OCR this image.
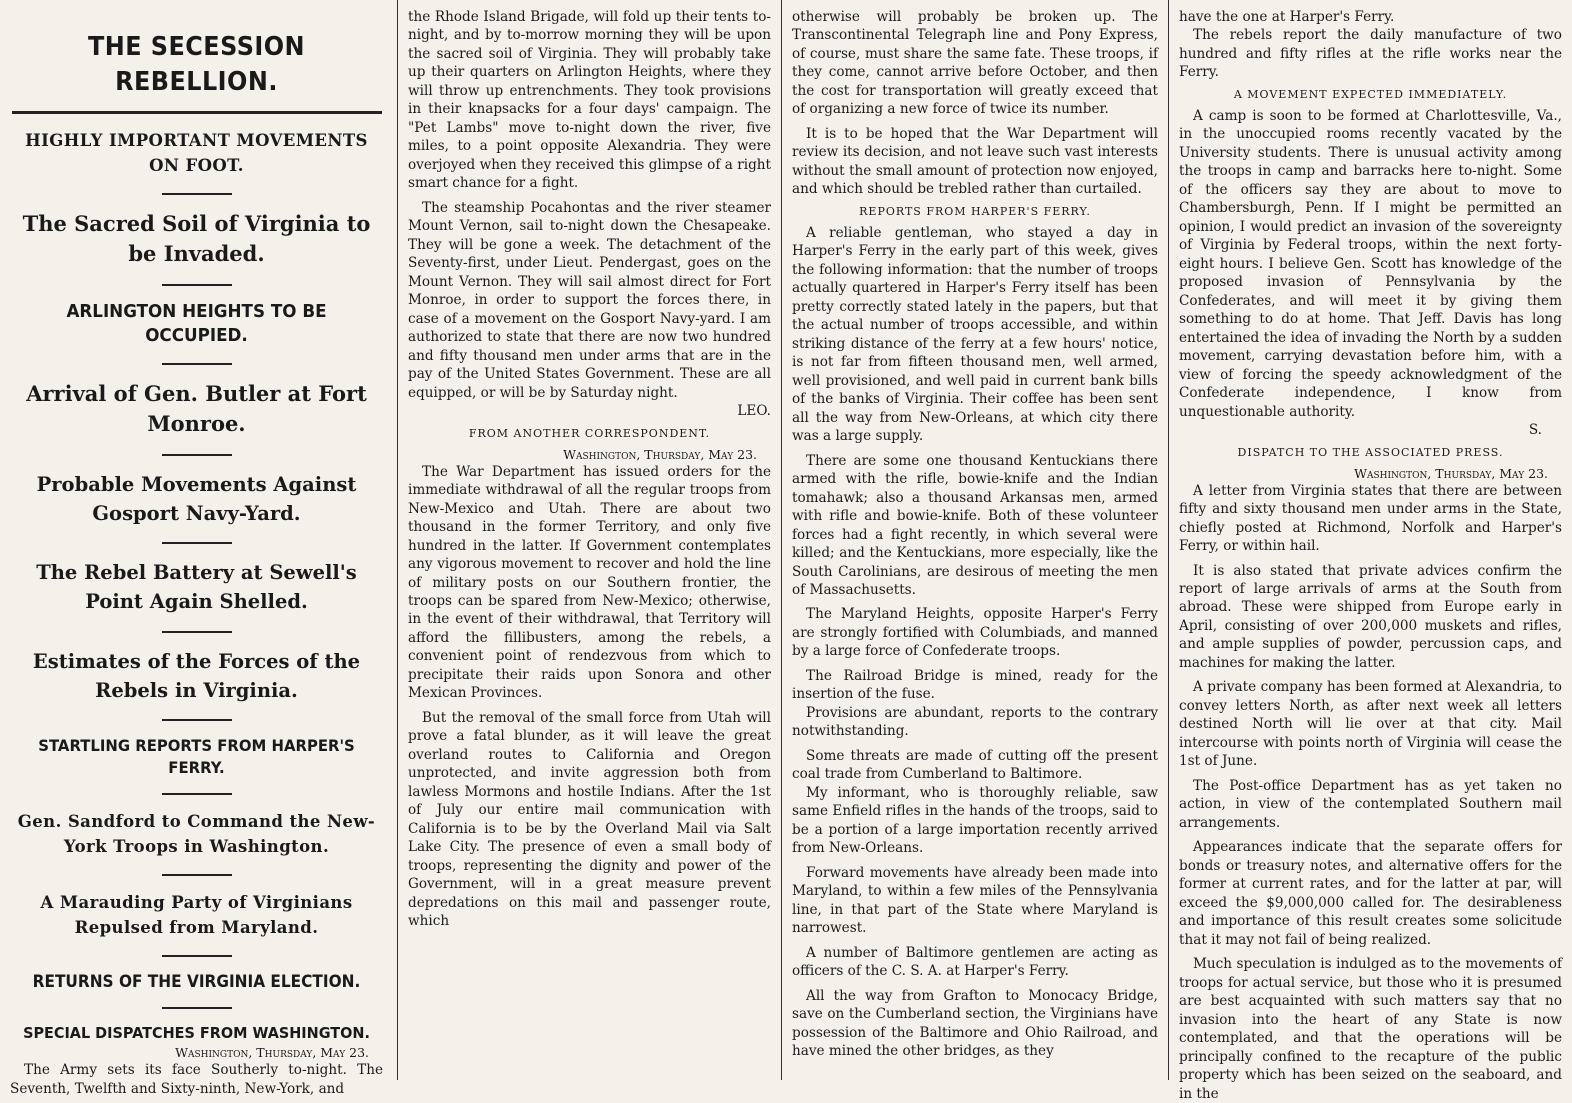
THE SECESSION REBELLION.
HIGHLY IMPORTANT MOVEMENTS ON FOOT.
The Sacred Soil of Virginia to be Invaded.
ARLINGTON HEIGHTS TO BE OCCUPIED.
Arrival of Gen. Butler at Fort Monroe.
Probable Movements Against Gosport Navy-Yard.
The Rebel Battery at Sewell's Point Again Shelled.
Estimates of the Forces of the Rebels in Virginia.
STARTLING REPORTS FROM HARPER'S FERRY.
Gen. Sandford to Command the New-York Troops in Washington.
A Marauding Party of Virginians Repulsed from Maryland.
RETURNS OF THE VIRGINIA ELECTION.
SPECIAL DISPATCHES FROM WASHINGTON.
Washington, Thursday, May 23.

The Army sets its face Southerly to-night. The Seventh, Twelfth and Sixty-ninth, New-York, and

the Rhode Island Brigade, will fold up their tents to-night, and by to-morrow morning they will be upon the sacred soil of Virginia. They will probably take up their quarters on Arlington Heights, where they will throw up entrenchments. They took provisions in their knapsacks for a four days' campaign. The "Pet Lambs" move to-night down the river, five miles, to a point opposite Alexandria. They were overjoyed when they received this glimpse of a right smart chance for a fight.

The steamship Pocahontas and the river steamer Mount Vernon, sail to-night down the Chesapeake. They will be gone a week. The detachment of the Seventy-first, under Lieut. Pendergast, goes on the Mount Vernon. They will sail almost direct for Fort Monroe, in order to support the forces there, in case of a movement on the Gosport Navy-yard. I am authorized to state that there are now two hundred and fifty thousand men under arms that are in the pay of the United States Government. These are all equipped, or will be by Saturday night.

LEO.
FROM ANOTHER CORRESPONDENT.
Washington, Thursday, May 23.

The War Department has issued orders for the immediate withdrawal of all the regular troops from New-Mexico and Utah. There are about two thousand in the former Territory, and only five hundred in the latter. If Government contemplates any vigorous movement to recover and hold the line of military posts on our Southern frontier, the troops can be spared from New-Mexico; otherwise, in the event of their withdrawal, that Territory will afford the fillibusters, among the rebels, a convenient point of rendezvous from which to precipitate their raids upon Sonora and other Mexican Provinces.

But the removal of the small force from Utah will prove a fatal blunder, as it will leave the great overland routes to California and Oregon unprotected, and invite aggression both from lawless Mormons and hostile Indians. After the 1st of July our entire mail communication with California is to be by the Overland Mail via Salt Lake City. The presence of even a small body of troops, representing the dignity and power of the Government, will in a great measure prevent depredations on this mail and passenger route, which

otherwise will probably be broken up. The Transcontinental Telegraph line and Pony Express, of course, must share the same fate. These troops, if they come, cannot arrive before October, and then the cost for transportation will greatly exceed that of organizing a new force of twice its number.

It is to be hoped that the War Department will review its decision, and not leave such vast interests without the small amount of protection now enjoyed, and which should be trebled rather than curtailed.

REPORTS FROM HARPER'S FERRY.

A reliable gentleman, who stayed a day in Harper's Ferry in the early part of this week, gives the following information: that the number of troops actually quartered in Harper's Ferry itself has been pretty correctly stated lately in the papers, but that the actual number of troops accessible, and within striking distance of the ferry at a few hours' notice, is not far from fifteen thousand men, well armed, well provisioned, and well paid in current bank bills of the banks of Virginia. Their coffee has been sent all the way from New-Orleans, at which city there was a large supply.

There are some one thousand Kentuckians there armed with the rifle, bowie-knife and the Indian tomahawk; also a thousand Arkansas men, armed with rifle and bowie-knife. Both of these volunteer forces had a fight recently, in which several were killed; and the Kentuckians, more especially, like the South Carolinians, are desirous of meeting the men of Massachusetts.

The Maryland Heights, opposite Harper's Ferry are strongly fortified with Columbiads, and manned by a large force of Confederate troops.

The Railroad Bridge is mined, ready for the insertion of the fuse.

Provisions are abundant, reports to the contrary notwithstanding.

Some threats are made of cutting off the present coal trade from Cumberland to Baltimore.

My informant, who is thoroughly reliable, saw same Enfield rifles in the hands of the troops, said to be a portion of a large importation recently arrived from New-Orleans.

Forward movements have already been made into Maryland, to within a few miles of the Pennsylvania line, in that part of the State where Maryland is narrowest.

A number of Baltimore gentlemen are acting as officers of the C. S. A. at Harper's Ferry.

All the way from Grafton to Monocacy Bridge, save on the Cumberland section, the Virginians have possession of the Baltimore and Ohio Railroad, and have mined the other bridges, as they

have the one at Harper's Ferry.

The rebels report the daily manufacture of two hundred and fifty rifles at the rifle works near the Ferry.

A MOVEMENT EXPECTED IMMEDIATELY.

A camp is soon to be formed at Charlottesville, Va., in the unoccupied rooms recently vacated by the University students. There is unusual activity among the troops in camp and barracks here to-night. Some of the officers say they are about to move to Chambersburgh, Penn. If I might be permitted an opinion, I would predict an invasion of the sovereignty of Virginia by Federal troops, within the next forty-eight hours. I believe Gen. Scott has knowledge of the proposed invasion of Pennsylvania by the Confederates, and will meet it by giving them something to do at home. That Jeff. Davis has long entertained the idea of invading the North by a sudden movement, carrying devastation before him, with a view of forcing the speedy acknowledgment of the Confederate independence, I know from unquestionable authority.

S.
DISPATCH TO THE ASSOCIATED PRESS.
Washington, Thursday, May 23.

A letter from Virginia states that there are between fifty and sixty thousand men under arms in the State, chiefly posted at Richmond, Norfolk and Harper's Ferry, or within hail.

It is also stated that private advices confirm the report of large arrivals of arms at the South from abroad. These were shipped from Europe early in April, consisting of over 200,000 muskets and rifles, and ample supplies of powder, percussion caps, and machines for making the latter.

A private company has been formed at Alexandria, to convey letters North, as after next week all letters destined North will lie over at that city. Mail intercourse with points north of Virginia will cease the 1st of June.

The Post-office Department has as yet taken no action, in view of the contemplated Southern mail arrangements.

Appearances indicate that the separate offers for bonds or treasury notes, and alternative offers for the former at current rates, and for the latter at par, will exceed the $9,000,000 called for. The desirableness and importance of this result creates some solicitude that it may not fail of being realized.

Much speculation is indulged as to the movements of troops for actual service, but those who it is presumed are best acquainted with such matters say that no invasion into the heart of any State is now contemplated, and that the operations will be principally confined to the recapture of the public property which has been seized on the seaboard, and in the
